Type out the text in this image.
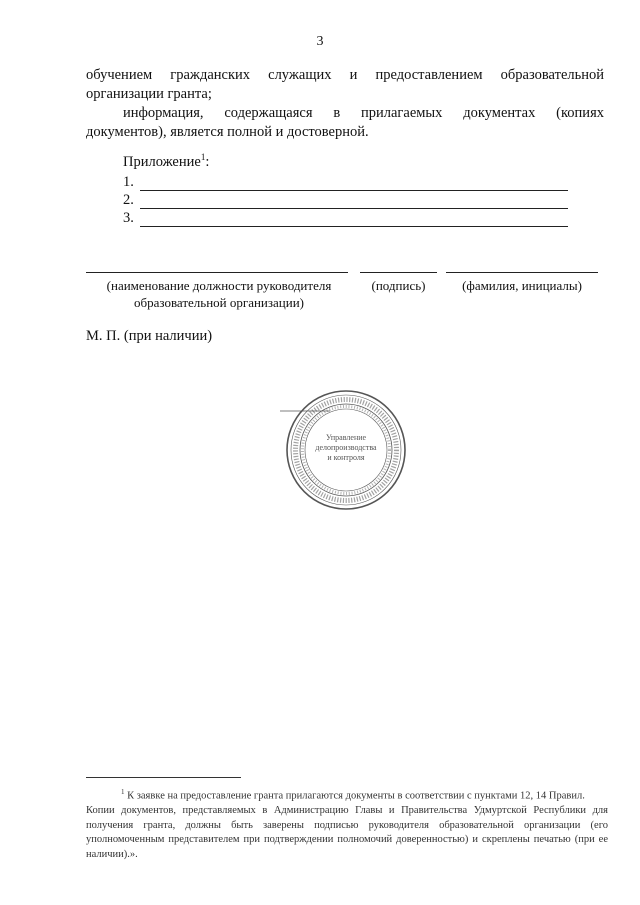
3
обучением гражданских служащих и предоставлением образовательной
организации гранта;
информация, содержащаяся в прилагаемых документах (копиях
документов), является полной и достоверной.
Приложение$^1$:
1.
2.
3.
(наименование должности руководителя
образовательной организации)
(подпись)	(фамилия, инициалы)
М. П. (при наличии)
Управление
делопроизводства
и контроля
$^1$ К заявке на предоставление гранта прилагаются документы в соответствии с пунктами 12, 14 Правил.
Копии документов, представляемых в Администрацию Главы и Правительства Удмуртской Республики для получения гранта, должны быть заверены подписью руководителя образовательной организации (его уполномоченным представителем при подтверждении полномочий доверенностью) и скреплены печатью (при ее наличии).».
